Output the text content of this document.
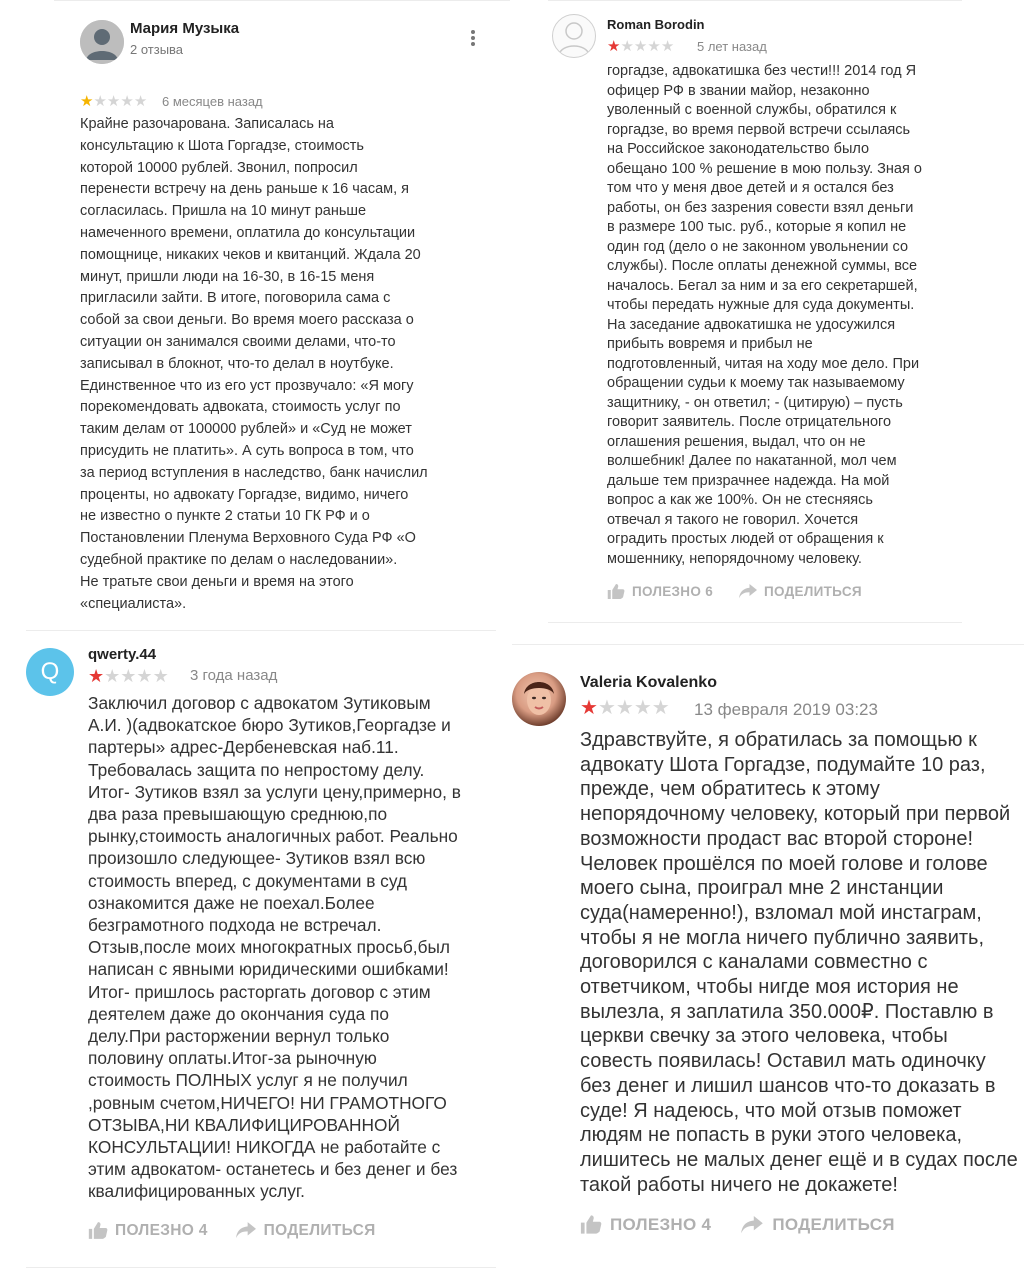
Мария Музыка
2 отзыва
★ ★ ★ ★ ★ 6 месяцев назад
Крайне разочарована. Записалась на
консультацию к Шота Горгадзе, стоимость
которой 10000 рублей. Звонил, попросил
перенести встречу на день раньше к 16 часам, я
согласилась. Пришла на 10 минут раньше
намеченного времени, оплатила до консультации
помощнице, никаких чеков и квитанций. Ждала 20
минут, пришли люди на 16-30, в 16-15 меня
пригласили зайти. В итоге, поговорила сама с
собой за свои деньги. Во время моего рассказа о
ситуации он занимался своими делами, что-то
записывал в блокнот, что-то делал в ноутбуке.
Единственное что из его уст прозвучало: «Я могу
порекомендовать адвоката, стоимость услуг по
таким делам от 100000 рублей» и «Суд не может
присудить не платить». А суть вопроса в том, что
за период вступления в наследство, банк начислил
проценты, но адвокату Горгадзе, видимо, ничего
не известно о пункте 2 статьи 10 ГК РФ и о
Постановлении Пленума Верховного Суда РФ «О
судебной практике по делам о наследовании».
Не тратьте свои деньги и время на этого
«специалиста».
Roman Borodin
★ ★ ★ ★ ★ 5 лет назад
горгадзе, адвокатишка без чести!!! 2014 год Я
офицер РФ в звании майор, незаконно
уволенный с военной службы, обратился к
горгадзе, во время первой встречи ссылаясь
на Российское законодательство было
обещано 100 % решение в мою пользу. Зная о
том что у меня двое детей и я остался без
работы, он без зазрения совести взял деньги
в размере 100 тыс. руб., которые я копил не
один год (дело о не законном увольнении со
службы). После оплаты денежной суммы, все
началось. Бегал за ним и за его секретаршей,
чтобы передать нужные для суда документы.
На заседание адвокатишка не удосужился
прибыть вовремя и прибыл не
подготовленный, читая на ходу мое дело. При
обращении судьи к моему так называемому
защитнику, - он ответил; - (цитирую) – пусть
говорит заявитель. После отрицательного
оглашения решения, выдал, что он не
волшебник! Далее по накатанной, мол чем
дальше тем призрачнее надежда. На мой
вопрос а как же 100%. Он не стесняясь
отвечал я такого не говорил. Хочется
оградить простых людей от обращения к
мошеннику, непорядочному человеку.
ПОЛЕЗНО 6	ПОДЕЛИТЬСЯ
Q
qwerty.44
★ ★ ★ ★ ★ 3 года назад
Заключил договор с адвокатом Зутиковым
А.И. )(адвокатское бюро Зутиков,Георгадзе и
партеры» адрес-Дербеневская наб.11.
Требовалась защита по непростому делу.
Итог- Зутиков взял за услуги цену,примерно, в
два раза превышающую среднюю,по
рынку,стоимость аналогичных работ. Реально
произошло следующее- Зутиков взял всю
стоимость вперед, с документами в суд
ознакомится даже не поехал.Более
безграмотного подхода не встречал.
Отзыв,после моих многократных просьб,был
написан с явными юридическими ошибками!
Итог- пришлось расторгать договор с этим
деятелем даже до окончания суда по
делу.При расторжении вернул только
половину оплаты.Итог-за рыночную
стоимость ПОЛНЫХ услуг я не получил
,ровным счетом,НИЧЕГО! НИ ГРАМОТНОГО
ОТЗЫВА,НИ КВАЛИФИЦИРОВАННОЙ
КОНСУЛЬТАЦИИ! НИКОГДА не работайте с
этим адвокатом- останетесь и без денег и без
квалифицированных услуг.
ПОЛЕЗНО 4	ПОДЕЛИТЬСЯ
Valeria Kovalenko
★ ★ ★ ★ ★ 13 февраля 2019 03:23
Здравствуйте, я обратилась за помощью к
адвокату Шота Горгадзе, подумайте 10 раз,
прежде, чем обратитесь к этому
непорядочному человеку, который при первой
возможности продаст вас второй стороне!
Человек прошёлся по моей голове и голове
моего сына, проиграл мне 2 инстанции
суда(намеренно!), взломал мой инстаграм,
чтобы я не могла ничего публично заявить,
договорился с каналами совместно с
ответчиком, чтобы нигде моя история не
вылезла, я заплатила 350.000₽. Поставлю в
церкви свечку за этого человека, чтобы
совесть появилась! Оставил мать одиночку
без денег и лишил шансов что-то доказать в
суде! Я надеюсь, что мой отзыв поможет
людям не попасть в руки этого человека,
лишитесь не малых денег ещё и в судах после
такой работы ничего не докажете!
ПОЛЕЗНО 4	ПОДЕЛИТЬСЯ
